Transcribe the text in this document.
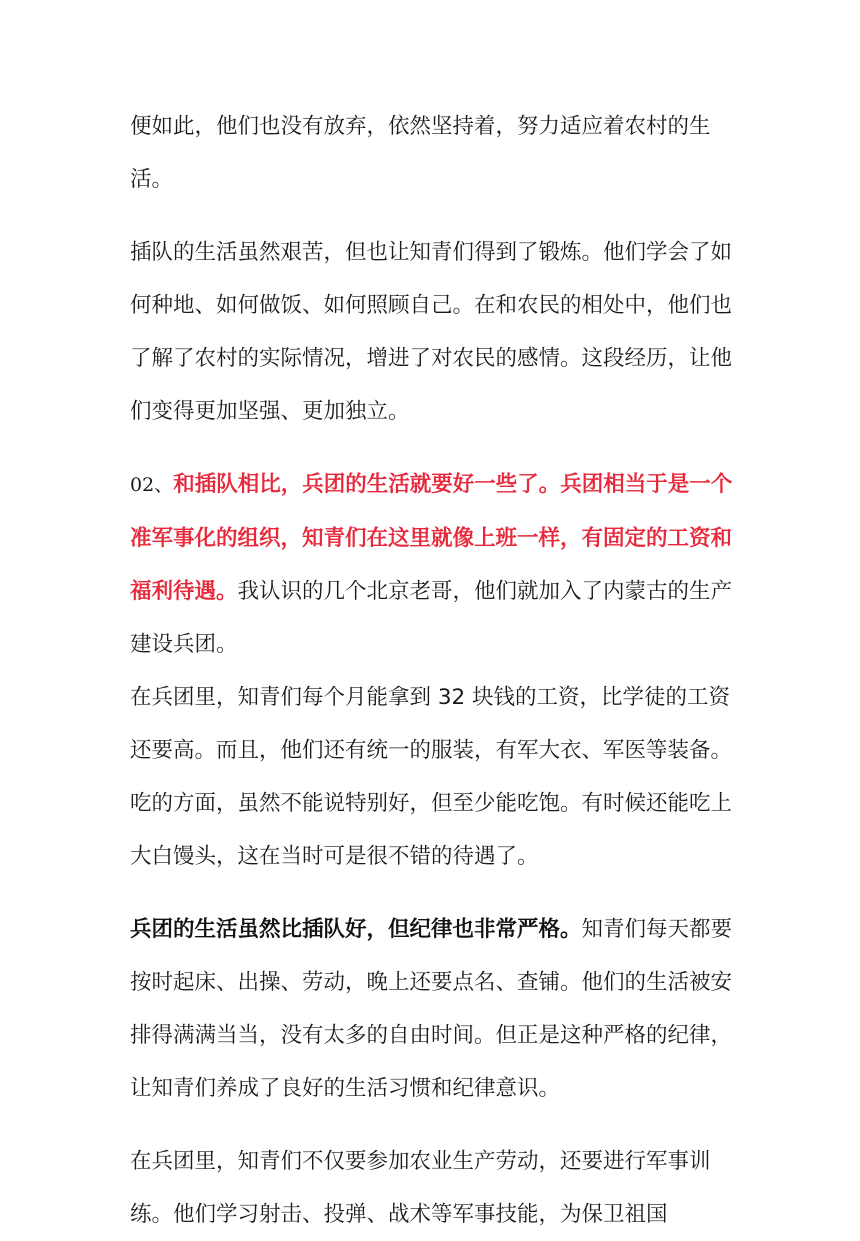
便如此，他们也没有放弃，依然坚持着，努力适应着农村的生活。

插队的生活虽然艰苦，但也让知青们得到了锻炼。他们学会了如何种地、如何做饭、如何照顾自己。在和农民的相处中，他们也了解了农村的实际情况，增进了对农民的感情。这段经历，让他们变得更加坚强、更加独立。

02、和插队相比，兵团的生活就要好一些了。兵团相当于是一个准军事化的组织，知青们在这里就像上班一样，有固定的工资和福利待遇。我认识的几个北京老哥，他们就加入了内蒙古的生产建设兵团。

在兵团里，知青们每个月能拿到 32 块钱的工资，比学徒的工资还要高。而且，他们还有统一的服装，有军大衣、军医等装备。吃的方面，虽然不能说特别好，但至少能吃饱。有时候还能吃上大白馒头，这在当时可是很不错的待遇了。

兵团的生活虽然比插队好，但纪律也非常严格。知青们每天都要按时起床、出操、劳动，晚上还要点名、查铺。他们的生活被安排得满满当当，没有太多的自由时间。但正是这种严格的纪律，让知青们养成了良好的生活习惯和纪律意识。

在兵团里，知青们不仅要参加农业生产劳动，还要进行军事训练。他们学习射击、投弹、战术等军事技能，为保卫祖国
